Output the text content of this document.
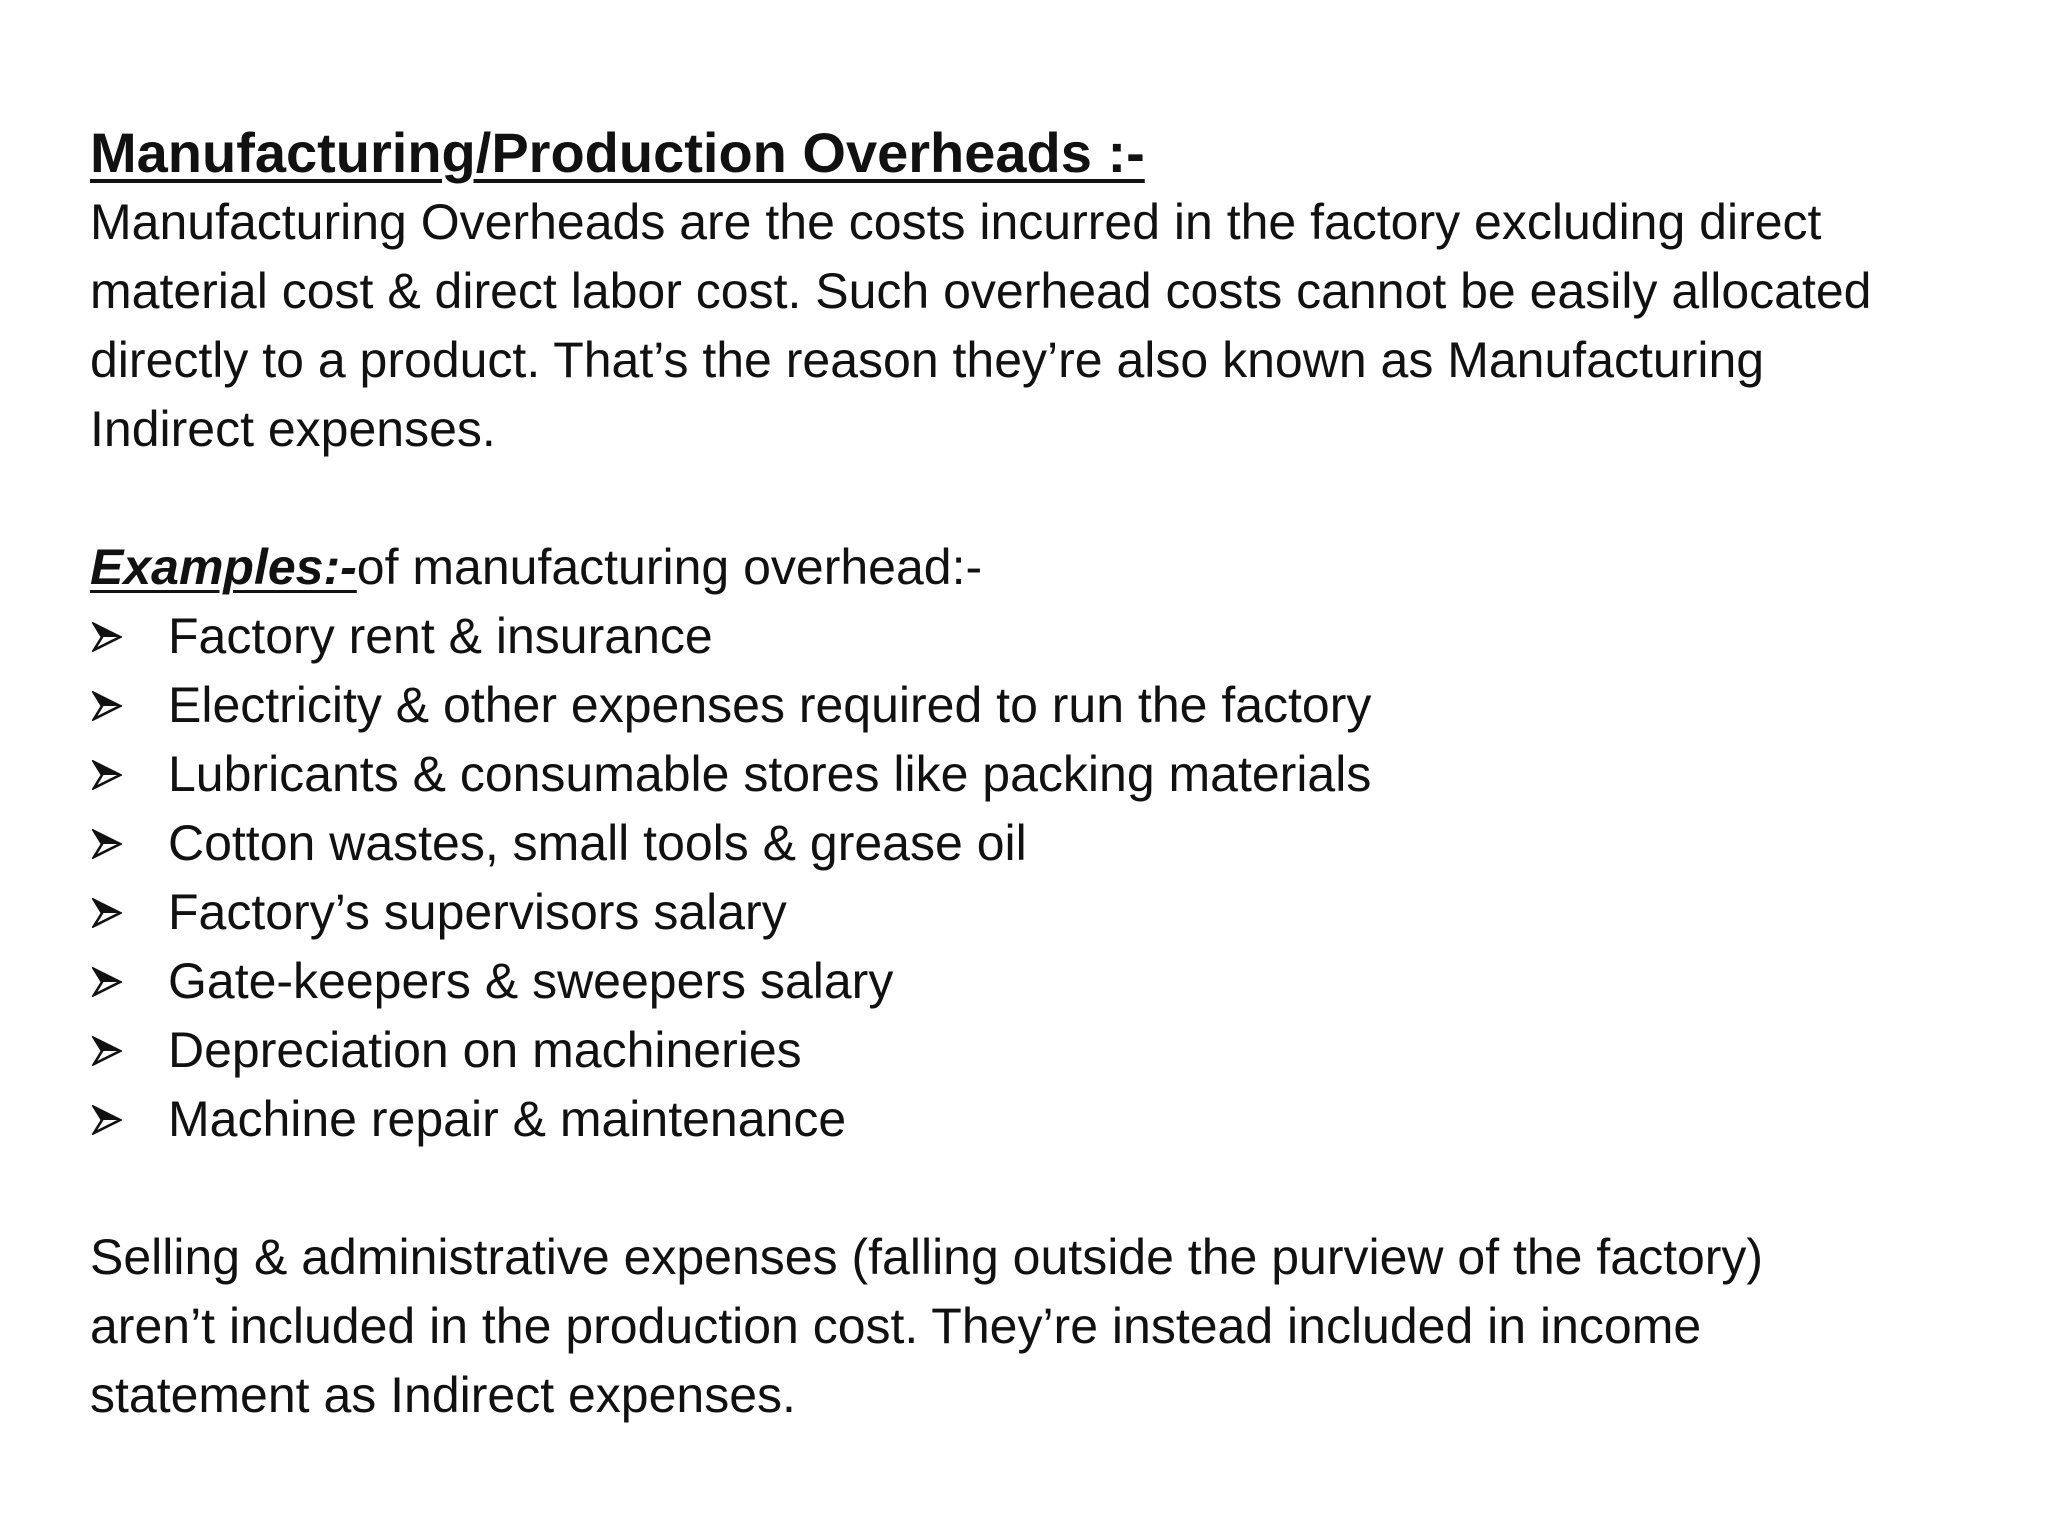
Manufacturing/Production Overheads :-

Manufacturing Overheads are the costs incurred in the factory excluding direct
material cost & direct labor cost. Such overhead costs cannot be easily allocated
directly to a product. That’s the reason they’re also known as Manufacturing
Indirect expenses.

Examples:-of manufacturing overhead:-
Factory rent & insurance
Electricity & other expenses required to run the factory
Lubricants & consumable stores like packing materials
Cotton wastes, small tools & grease oil
Factory’s supervisors salary
Gate-keepers & sweepers salary
Depreciation on machineries
Machine repair & maintenance

Selling & administrative expenses (falling outside the purview of the factory)
aren’t included in the production cost. They’re instead included in income
statement as Indirect expenses.
